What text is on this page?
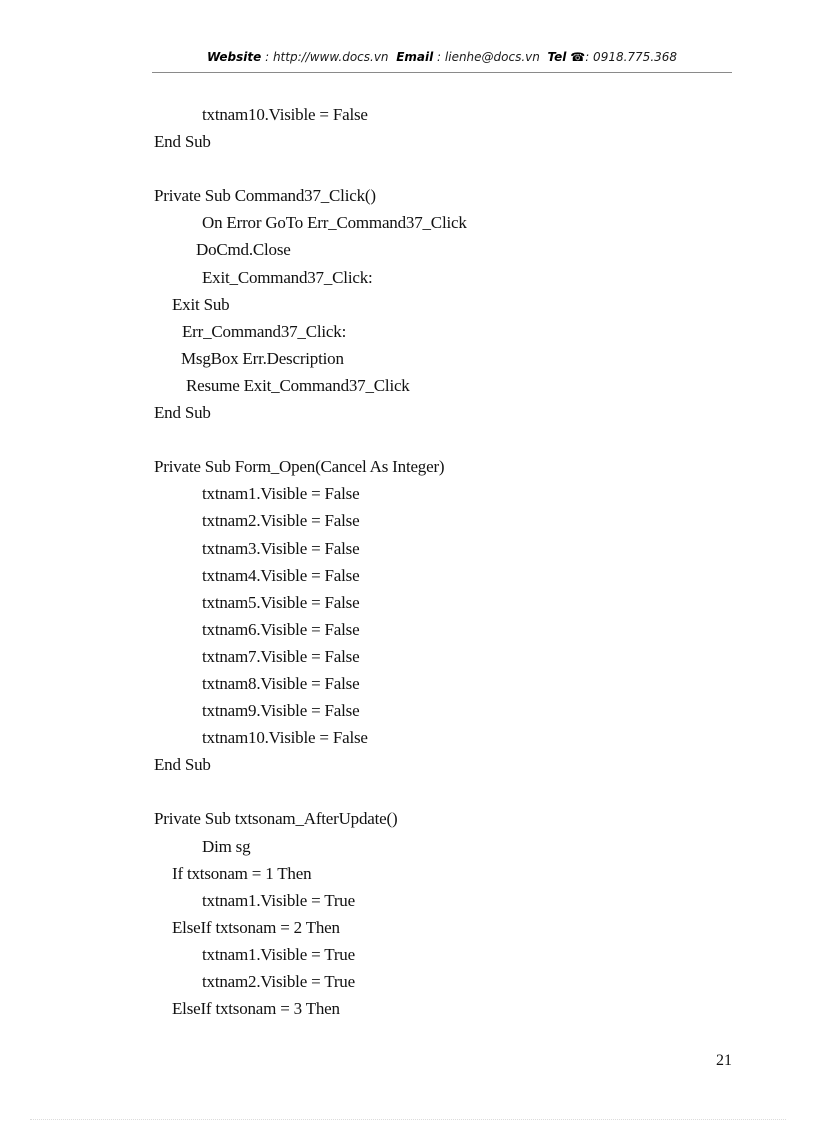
Website : http://www.docs.vn Email : lienhe@docs.vn Tel ☎: 0918.775.368
txtnam10.Visible = False
End Sub
Private Sub Command37_Click()
On Error GoTo Err_Command37_Click
DoCmd.Close
Exit_Command37_Click:
Exit Sub
Err_Command37_Click:
MsgBox Err.Description
Resume Exit_Command37_Click
End Sub
Private Sub Form_Open(Cancel As Integer)
txtnam1.Visible = False
txtnam2.Visible = False
txtnam3.Visible = False
txtnam4.Visible = False
txtnam5.Visible = False
txtnam6.Visible = False
txtnam7.Visible = False
txtnam8.Visible = False
txtnam9.Visible = False
txtnam10.Visible = False
End Sub
Private Sub txtsonam_AfterUpdate()
Dim sg
If txtsonam = 1 Then
txtnam1.Visible = True
ElseIf txtsonam = 2 Then
txtnam1.Visible = True
txtnam2.Visible = True
ElseIf txtsonam = 3 Then
21
